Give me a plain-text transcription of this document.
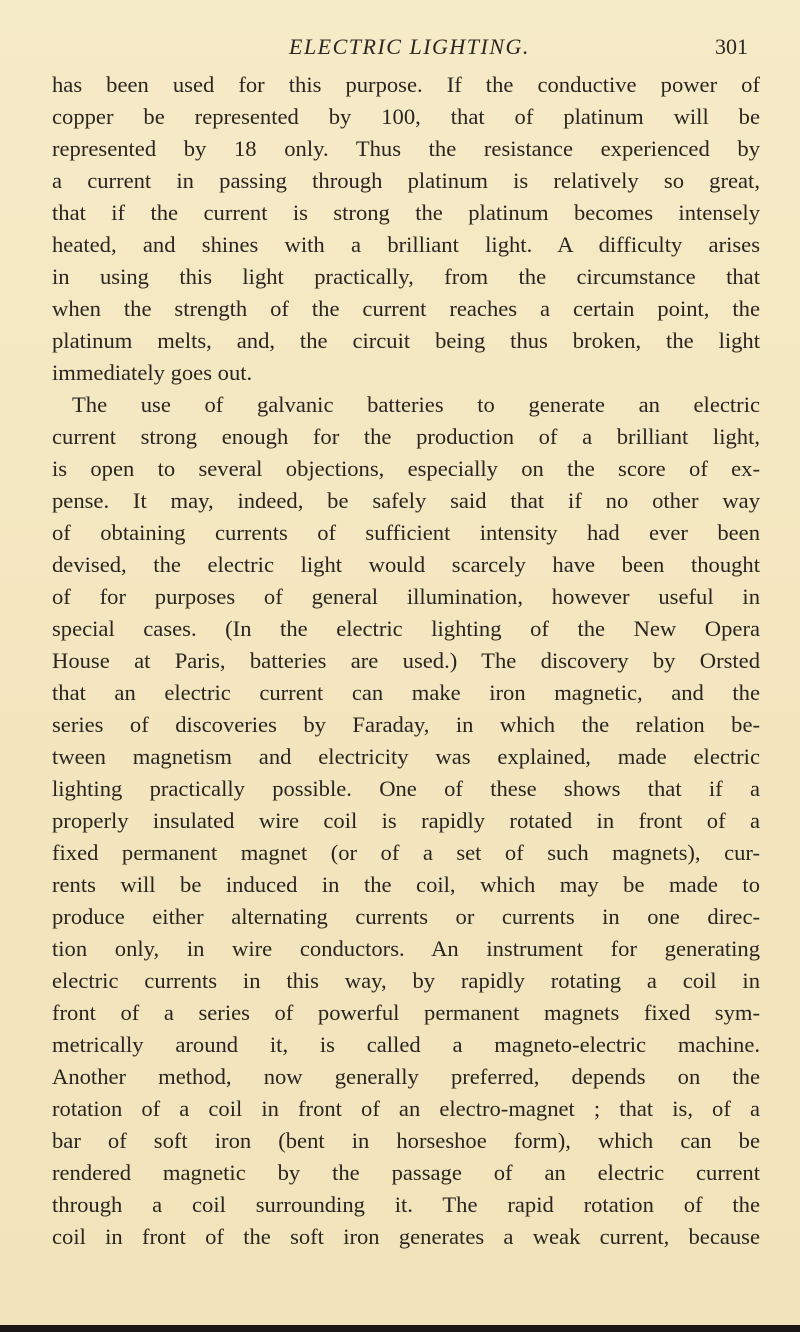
ELECTRIC LIGHTING.	301
has been used for this purpose. If the conductive power of
copper be represented by 100, that of platinum will be
represented by 18 only. Thus the resistance experienced by
a current in passing through platinum is relatively so great,
that if the current is strong the platinum becomes intensely
heated, and shines with a brilliant light. A difficulty arises
in using this light practically, from the circumstance that
when the strength of the current reaches a certain point, the
platinum melts, and, the circuit being thus broken, the light
immediately goes out.
The use of galvanic batteries to generate an electric
current strong enough for the production of a brilliant light,
is open to several objections, especially on the score of ex-
pense. It may, indeed, be safely said that if no other way
of obtaining currents of sufficient intensity had ever been
devised, the electric light would scarcely have been thought
of for purposes of general illumination, however useful in
special cases. (In the electric lighting of the New Opera
House at Paris, batteries are used.) The discovery by Orsted
that an electric current can make iron magnetic, and the
series of discoveries by Faraday, in which the relation be-
tween magnetism and electricity was explained, made electric
lighting practically possible. One of these shows that if a
properly insulated wire coil is rapidly rotated in front of a
fixed permanent magnet (or of a set of such magnets), cur-
rents will be induced in the coil, which may be made to
produce either alternating currents or currents in one direc-
tion only, in wire conductors. An instrument for generating
electric currents in this way, by rapidly rotating a coil in
front of a series of powerful permanent magnets fixed sym-
metrically around it, is called a magneto-electric machine.
Another method, now generally preferred, depends on the
rotation of a coil in front of an electro-magnet ; that is, of a
bar of soft iron (bent in horseshoe form), which can be
rendered magnetic by the passage of an electric current
through a coil surrounding it. The rapid rotation of the
coil in front of the soft iron generates a weak current, because
